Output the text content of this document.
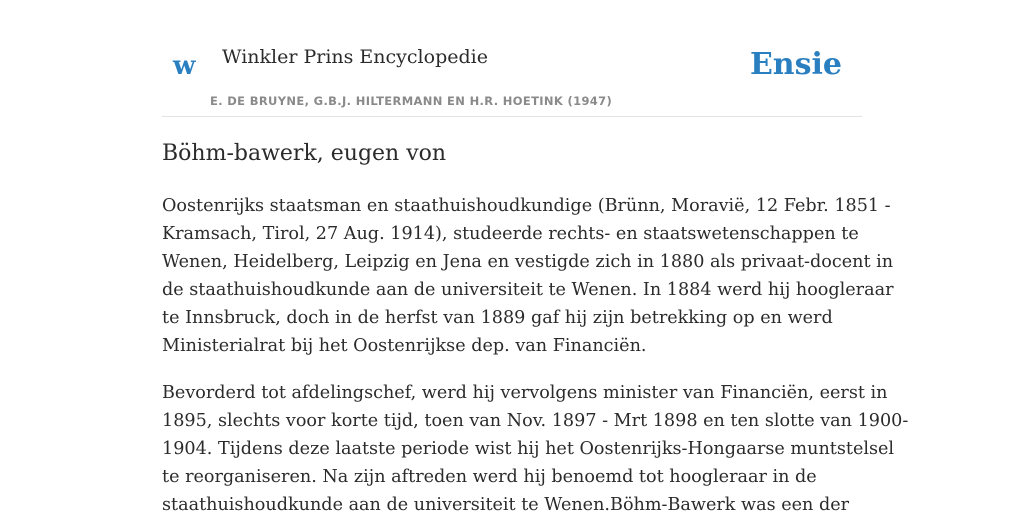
w Winkler Prins Encyclopedie
E. DE BRUYNE, G.B.J. HILTERMANN EN H.R. HOETINK (1947)
Ensie
Böhm-bawerk, eugen von

Oostenrijks staatsman en staathuishoudkundige (Brünn, Moravië, 12 Febr. 1851 -
Kramsach, Tirol, 27 Aug. 1914), studeerde rechts- en staatswetenschappen te
Wenen, Heidelberg, Leipzig en Jena en vestigde zich in 1880 als privaat-docent in
de staathuishoudkunde aan de universiteit te Wenen. In 1884 werd hij hoogleraar
te Innsbruck, doch in de herfst van 1889 gaf hij zijn betrekking op en werd
Ministerialrat bij het Oostenrijkse dep. van Financiën.

Bevorderd tot afdelingschef, werd hij vervolgens minister van Financiën, eerst in
1895, slechts voor korte tijd, toen van Nov. 1897 - Mrt 1898 en ten slotte van 1900-
1904. Tijdens deze laatste periode wist hij het Oostenrijks-Hongaarse muntstelsel
te reorganiseren. Na zijn aftreden werd hij benoemd tot hoogleraar in de
staathuishoudkunde aan de universiteit te Wenen.Böhm-Bawerk was een der
